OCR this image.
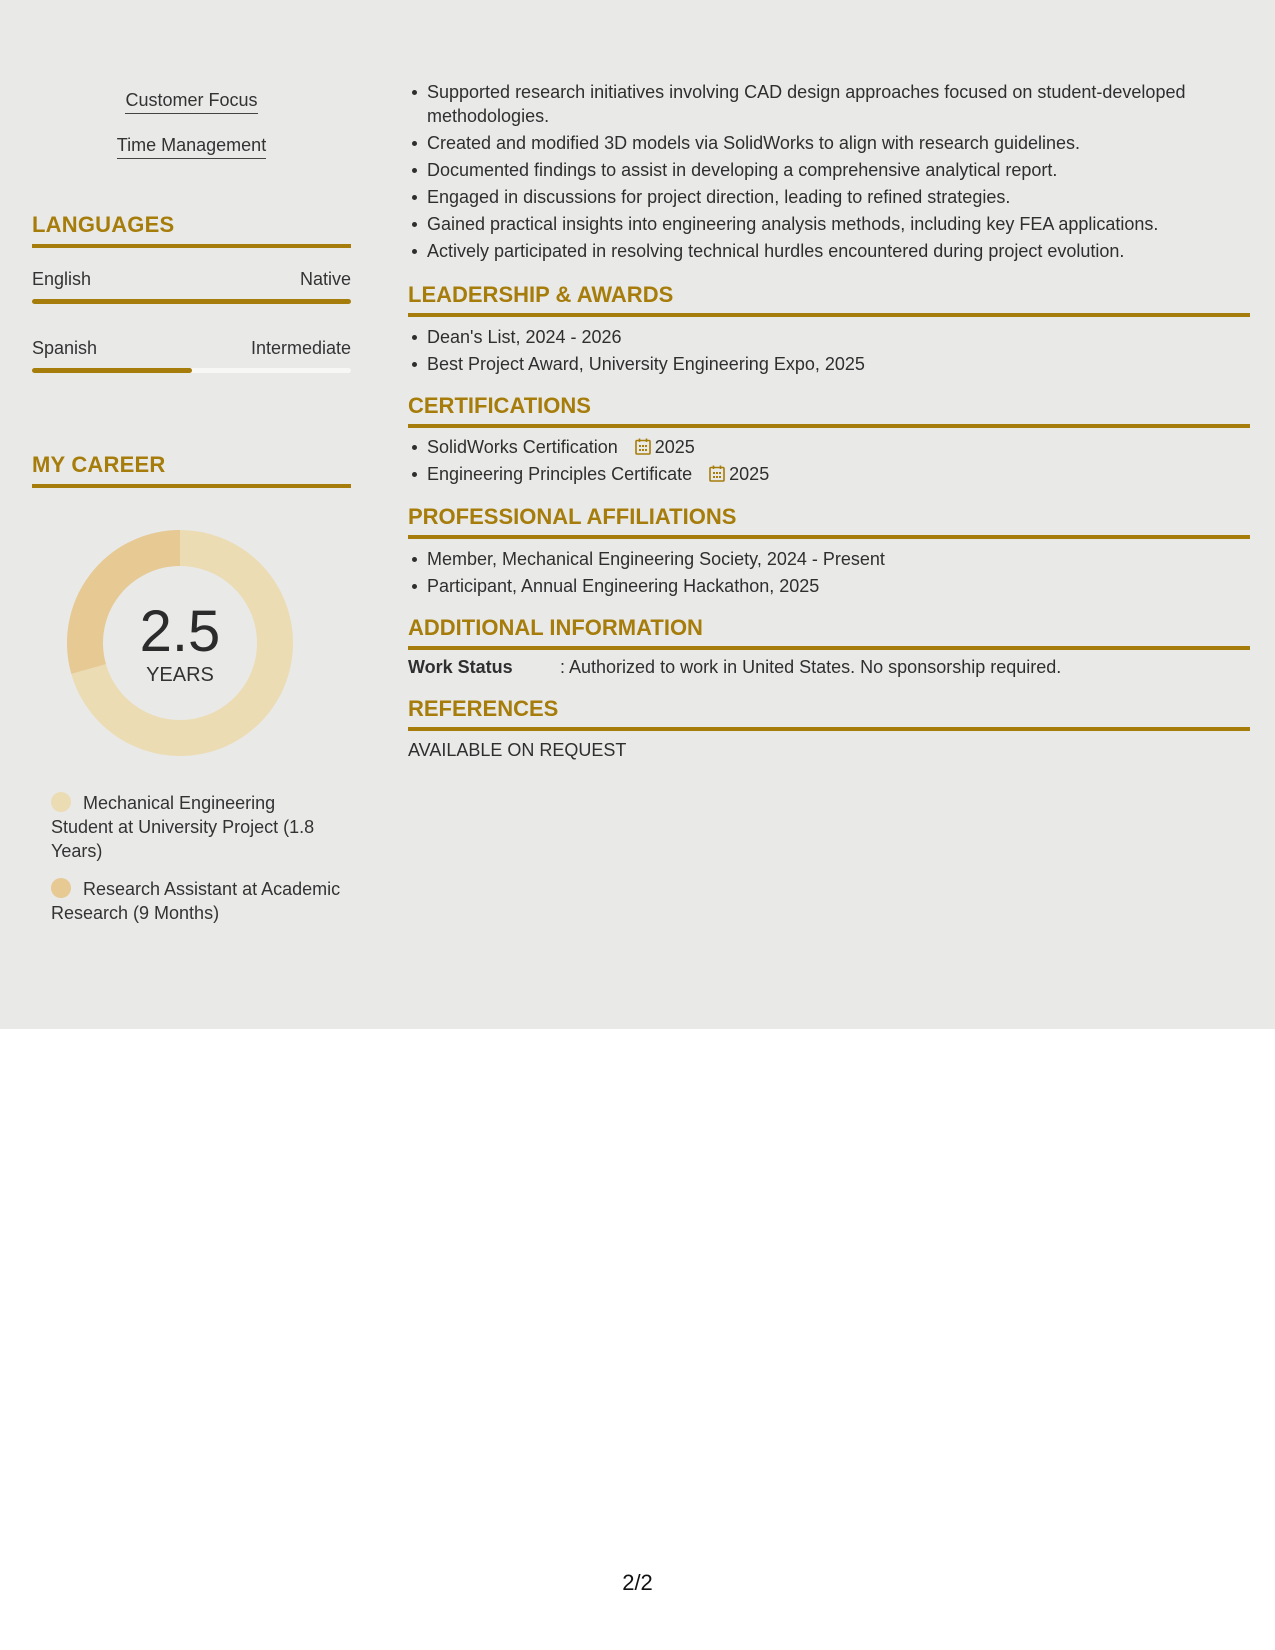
Customer Focus
Time Management
LANGUAGES
English	Native
Spanish	Intermediate
MY CAREER
2.5
YEARS
Mechanical Engineering Student at University Project (1.8 Years)
Research Assistant at Academic Research (9 Months)
Supported research initiatives involving CAD design approaches focused on student-developed methodologies.
Created and modified 3D models via SolidWorks to align with research guidelines.
Documented findings to assist in developing a comprehensive analytical report.
Engaged in discussions for project direction, leading to refined strategies.
Gained practical insights into engineering analysis methods, including key FEA applications.
Actively participated in resolving technical hurdles encountered during project evolution.
LEADERSHIP & AWARDS
Dean's List, 2024 - 2026
Best Project Award, University Engineering Expo, 2025
CERTIFICATIONS
SolidWorks Certification 2025
Engineering Principles Certificate 2025
PROFESSIONAL AFFILIATIONS
Member, Mechanical Engineering Society, 2024 - Present
Participant, Annual Engineering Hackathon, 2025
ADDITIONAL INFORMATION
Work Status	: Authorized to work in United States. No sponsorship required.
REFERENCES
AVAILABLE ON REQUEST
2/2
